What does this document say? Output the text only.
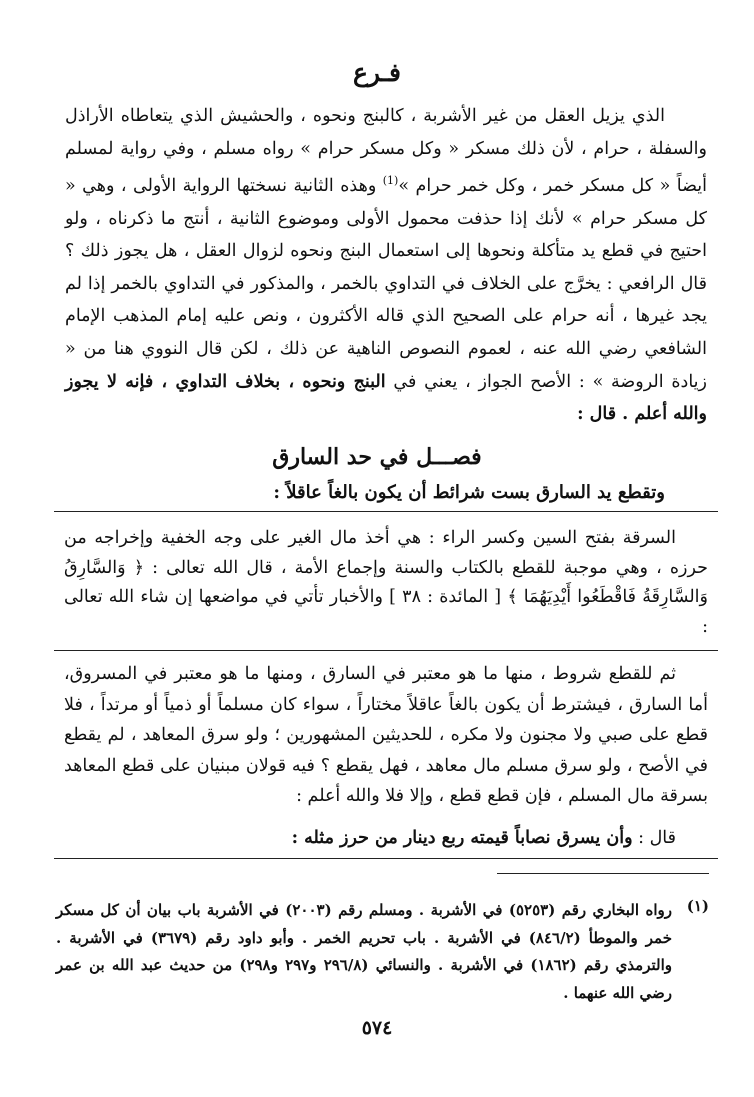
فـرع

الذي يزيل العقل من غير الأشربة ، كالبنج ونحوه ، والحشيش الذي يتعاطاه الأراذل والسفلة ، حرام ، لأن ذلك مسكر « وكل مسكر حرام » رواه مسلم ، وفي رواية لمسلم أيضاً « كل مسكر خمر ، وكل خمر حرام »$^{(1)}$ وهذه الثانية نسختها الرواية الأولى ، وهي « كل مسكر حرام » لأنك إذا حذفت محمول الأولى وموضوع الثانية ، أنتج ما ذكرناه ، ولو احتيج في قطع يد متأكلة ونحوها إلى استعمال البنج ونحوه لزوال العقل ، هل يجوز ذلك ؟ قال الرافعي : يخرَّج على الخلاف في التداوي بالخمر ، والمذكور في التداوي بالخمر إذا لم يجد غيرها ، أنه حرام على الصحيح الذي قاله الأكثرون ، ونص عليه إمام المذهب الإمام الشافعي رضي الله عنه ، لعموم النصوص الناهية عن ذلك ، لكن قال النووي هنا من « زيادة الروضة » : الأصح الجواز ، يعني في البنج ونحوه ، بخلاف التداوي ، فإنه لا يجوز والله أعلم . قال :

فصـــل في حد السارق
وتقطع يد السارق بست شرائط أن يكون بالغاً عاقلاً :

السرقة بفتح السين وكسر الراء : هي أخذ مال الغير على وجه الخفية وإخراجه من حرزه ، وهي موجبة للقطع بالكتاب والسنة وإجماع الأمة ، قال الله تعالى : ﴿ وَالسَّارِقُ وَالسَّارِقَةُ فَاقْطَعُوا أَيْدِيَهُمَا ﴾ [ المائدة : ٣٨ ] والأخبار تأتي في مواضعها إن شاء الله تعالى :

ثم للقطع شروط ، منها ما هو معتبر في السارق ، ومنها ما هو معتبر في المسروق، أما السارق ، فيشترط أن يكون بالغاً عاقلاً مختاراً ، سواء كان مسلماً أو ذمياً أو مرتداً ، فلا قطع على صبي ولا مجنون ولا مكره ، للحديثين المشهورين ؛ ولو سرق المعاهد ، لم يقطع في الأصح ، ولو سرق مسلم مال معاهد ، فهل يقطع ؟ فيه قولان مبنيان على قطع المعاهد بسرقة مال المسلم ، فإن قطع قطع ، وإلا فلا والله أعلم :

قال : وأن يسرق نصاباً قيمته ربع دينار من حرز مثله :

(١)

رواه البخاري رقم (٥٢٥٣) في الأشربة . ومسلم رقم (٢٠٠٣) في الأشربة باب بيان أن كل مسكر خمر والموطأ (٨٤٦/٢) في الأشربة . باب تحريم الخمر . وأبو داود رقم (٣٦٧٩) في الأشربة . والترمذي رقم (١٨٦٢) في الأشربة . والنسائي (٢٩٦/٨ و٢٩٧ و٢٩٨) من حديث عبد الله بن عمر رضي الله عنهما .

٥٧٤
